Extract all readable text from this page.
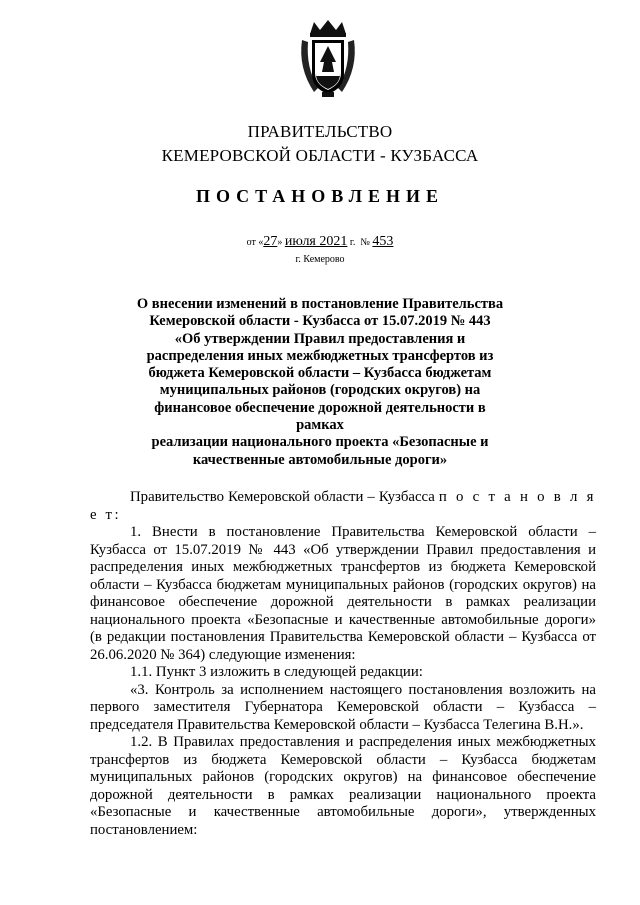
ПРАВИТЕЛЬСТВО
КЕМЕРОВСКОЙ ОБЛАСТИ - КУЗБАССА
ПОСТАНОВЛЕНИЕ
от «27» июля 2021 г. № 453
г. Кемерово
О внесении изменений в постановление Правительства
Кемеровской области - Кузбасса от 15.07.2019 № 443
«Об утверждении Правил предоставления и
распределения иных межбюджетных трансфертов из
бюджета Кемеровской области – Кузбасса бюджетам
муниципальных районов (городских округов) на
финансовое обеспечение дорожной деятельности в рамках
реализации национального проекта «Безопасные и
качественные автомобильные дороги»

Правительство Кемеровской области – Кузбасса п о с т а н о в л я е т:

1. Внести в постановление Правительства Кемеровской области – Кузбасса от 15.07.2019 № 443 «Об утверждении Правил предоставления и распределения иных межбюджетных трансфертов из бюджета Кемеровской области – Кузбасса бюджетам муниципальных районов (городских округов) на финансовое обеспечение дорожной деятельности в рамках реализации национального проекта «Безопасные и качественные автомобильные дороги» (в редакции постановления Правительства Кемеровской области – Кузбасса от 26.06.2020 № 364) следующие изменения:

1.1. Пункт 3 изложить в следующей редакции:

«3. Контроль за исполнением настоящего постановления возложить на первого заместителя Губернатора Кемеровской области – Кузбасса – председателя Правительства Кемеровской области – Кузбасса Телегина В.Н.».

1.2. В Правилах предоставления и распределения иных межбюджетных трансфертов из бюджета Кемеровской области – Кузбасса бюджетам муниципальных районов (городских округов) на финансовое обеспечение дорожной деятельности в рамках реализации национального проекта «Безопасные и качественные автомобильные дороги», утвержденных постановлением:
